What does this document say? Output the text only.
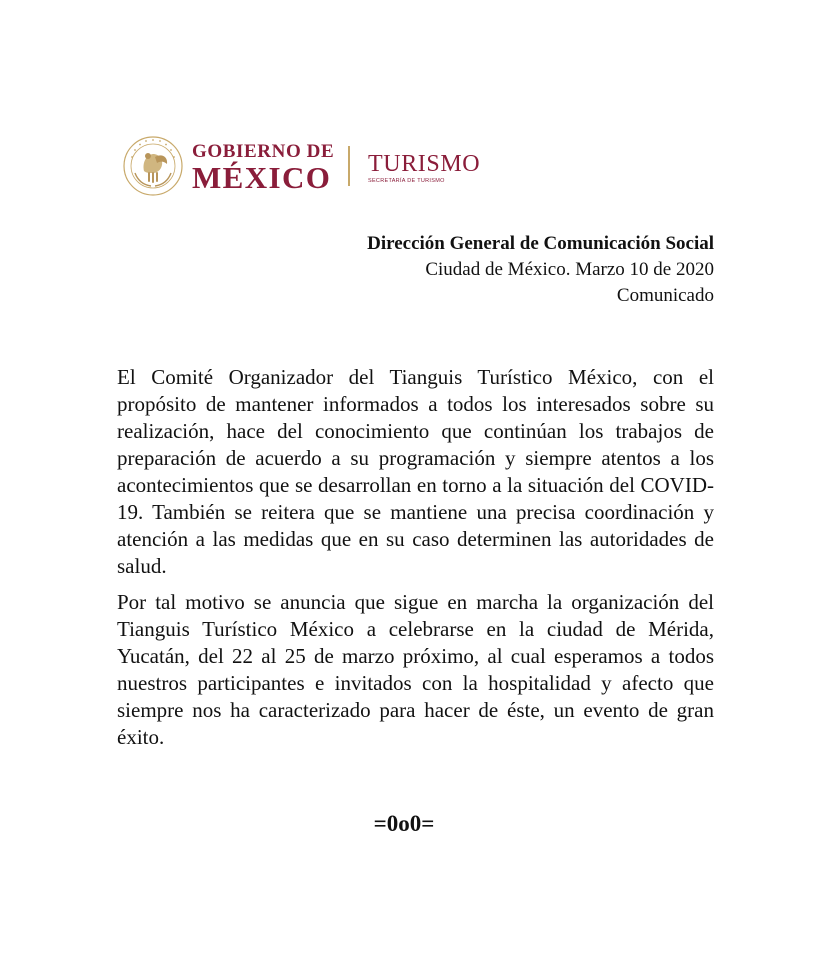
GOBIERNO DE
MÉXICO	TURISMO
SECRETARÍA DE TURISMO
Dirección General de Comunicación Social
Ciudad de México. Marzo 10 de 2020
Comunicado

El Comité Organizador del Tianguis Turístico México, con el propósito de mantener informados a todos los interesados sobre su realización, hace del conocimiento que continúan los trabajos de preparación de acuerdo a su programación y siempre atentos a los acontecimientos que se desarrollan en torno a la situación del COVID-19. También se reitera que se mantiene una precisa coordinación y atención a las medidas que en su caso determinen las autoridades de salud.

Por tal motivo se anuncia que sigue en marcha la organización del Tianguis Turístico México a celebrarse en la ciudad de Mérida, Yucatán, del 22 al 25 de marzo próximo, al cual esperamos a todos nuestros participantes e invitados con la hospitalidad y afecto que siempre nos ha caracterizado para hacer de éste, un evento de gran éxito.

=0o0=
